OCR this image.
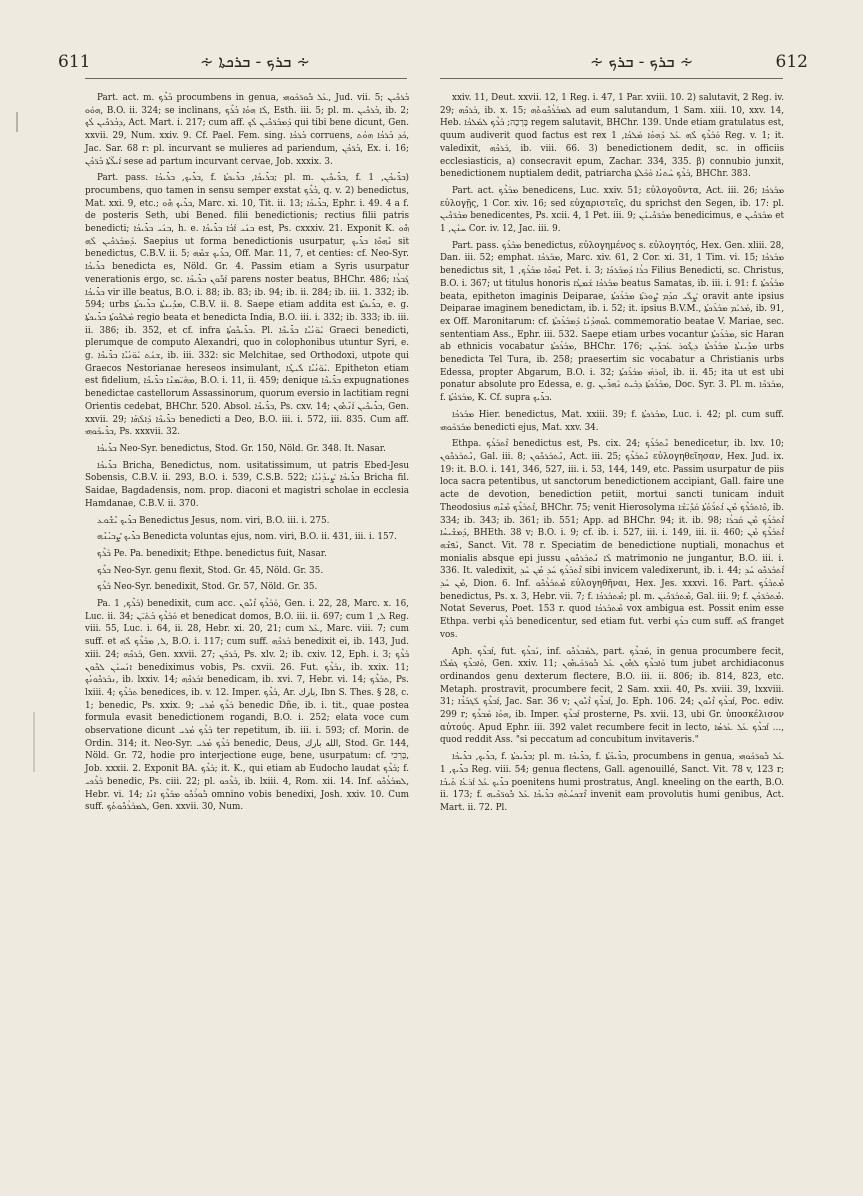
611	∻ ܒܪܟ - ܒܪܟܬܐ ∻	∻ ܒܪܟ - ܒܪܟ ∻	612

Part. act. m. ܒܳܪܶܟ procumbens in genua, ܥܰܠ ܒܽܘܪ̈ܟܰܘܗܝ, Jud. vii. 5; ܒܳܪܟܺܝܢ ܗܘܰܘ, B.O. ii. 324; se inclinans, ܠܳܐ ܗܘܳܐ ܒܳܪܶܟ, Esth. iii. 5; pl. m. ܒܳܪܟܺܝܢ, ib. 2; ܕܒܳܪܟܺܝܢ ܠܳܟ, Act. Mart. i. 217; cum aff. ܕܰܡܒܰܪ̈ܟܺܝܢ ܠܳܟ qui tibi bene dicunt, Gen. xxvii. 29, Num. xxiv. 9. Cf. Pael. Fem. sing. ܒܳܪܟܳܐ corruens, ܟܰܕ ܒܳܪܟܳܐ ܗܘܳܬ, Jac. Sar. 68 r: pl. incurvant se mulieres ad pariendum, ܒܳܪ̈ܟܳܢ, Ex. i. 16; ܐܰܝܠ̈ܳܬܳܐ ܒܳܪ̈ܟܳܢ sese ad partum incurvant cervae, Job. xxxix. 3.

Part. pass. ܒܪܺܝܟ, ܒܪܺܝܟܳܐ, f. ܒܪܺܝܟܳܐ, ܒܪܺܝܟܬܳܐ; pl. m. ܒܪ̈ܺܝܟܺܝܢ, f. ܒܪ̈ܺܝܟܳܢ, 1) procumbens, quo tamen in sensu semper exstat ܒܳܪܶܟ, q. v. 2) benedictus, Mat. xxi. 9, etc.; ܒܪܺܝܟ ܗܽܘ, Marc. xi. 10, Tit. ii. 13; ܒܪܺܝܟܳܐ, Ephr. i. 49. 4 a f. de posteris Seth, ubi Bened. filii benedictionis; rectius filii patris benedicti; ܒܢܰܝ ܒܪܺܝܟܳܐ, h. e. ܒܢܰܝ ܐܰܒܳܐ ܒܪܺܝܟܳܐ est, Ps. cxxxiv. 21. Exponit K. ܗܽܘ ܕܰܡܒܰܪܟܺܝܢ ܠܶܗ. Saepius ut forma benedictionis usurpatur, ܢܶܗܘܶܐ ܒܪܺܝܟ sit benedictus, C.B.V. ii. 5; ܒܪܺܝܟ ܫܡܶܗ, Off. Mar. 11, 7, et centies: cf. Neo-Syr. ܒܪܺܝܟܳܐ benedicta es, Nöld. Gr. 4. Passim etiam a Syris usurpatur venerationis ergo, sc. ܐܰܒܽܘܢ ܒܪܺܝܟܳܐ parens noster beatus, BHChr. 486; ܓܰܒܪܳܐ ܒܪܺܝܟܳܐ vir ille beatus, B.O. i. 88; ib. 83; ib. 94; ib. ii. 284; ib. iii. 1. 332; ib. 594; urbs ܡܕܺܝܢܬܳܐ ܒܪܺܝܟܬܳܐ, C.B.V. ii. 8. Saepe etiam addita est ܒܪܺܝܟܬܳܐ, e. g. ܡܰܠܟܽܘܬܳܐ ܒܪܺܝܟܬܳܐ regio beata et benedicta India, B.O. iii. i. 332; ib. 333; ib. iii. ii. 386; ib. 352, et cf. infra ܒܪܺܝܟܽܘܬܳܐ. Pl. ܝܰܘ̈ܢܳܝܶܐ ܒܪ̈ܺܝܟܶܐ Graeci benedicti, plerumque de computo Alexandri, quo in colophonibus utuntur Syri, e. g. ܫܢܰܬ ܝܰܘ̈ܢܳܝܶܐ ܒܪ̈ܺܝܟܶܐ, ib. iii. 332: sic Melchitae, sed Orthodoxi, utpote qui Graecos Nestorianae hereseos insimulant, ܝܰܘ̈ܢܳܝܶܐ ܠܺܝܛܶܐ. Epitheton etiam est fidelium, ܡܗܰܝ̈ܡܢܶܐ ܒܪ̈ܺܝܟܶܐ, B.O. i. 11, ii. 459; denique ܒܪ̈ܺܝܟܶܐ expugnationes benedictae castellorum Assassinorum, quorum eversio in lactitiam regni Orientis cedebat, BHChr. 520. Absol. ܒܪ̈ܺܝܟܶܐ, Ps. cxv. 14; ܒܪܺܝܟܺܝܢ ܐܰܢ̄ܬܽܘܢ, Gen. xxvii. 29; ܒܪ̈ܺܝܟܶܐ ܕܰܐܠܳܗܳܐ benedicti a Deo, B.O. iii. i. 572, iii. 835. Cum aff. ܒܪ̈ܺܝܟܰܘܗܝ, Ps. xxxvii. 32.

ܒܪܺܝܟܳܐ Neo-Syr. benedictus, Stod. Gr. 150, Nöld. Gr. 348. It. Nasar.

ܒܪܺܝܟܳܐ Bricha, Benedictus, nom. usitatissimum, ut patris Ebed-Jesu Sobensis, C.B.V. ii. 293, B.O. i. 539, C.S.B. 522; ܒܪܺܝܟܳܐ ܨܰܝܕܳܢܳܝܳܐ Bricha fil. Saidae, Bagdadensis, nom. prop. diaconi et magistri scholae in ecclesia Hamdanae, C.B.V. ii. 370.

ܒܪܺܝܟ ܝܶܫܽܘܥ Benedictus Jesus, nom. viri, B.O. iii. i. 275.

ܒܪܺܝܟ ܨܶܒܝܳܢܶܗ Benedicta voluntas ejus, nom. viri, B.O. ii. 431, iii. i. 157.

ܒܰܪܶܟ Pe. Pa. benedixit; Ethpe. benedictus fuit, Nasar.

ܒܪܶܟ Neo-Syr. genu flexit, Stod. Gr. 45, Nöld. Gr. 35.

ܒܰܪܶܟ Neo-Syr. benedixit, Stod. Gr. 57, Nöld. Gr. 35.

Pa. ܒܰܪܶܟ, 1) benedixit, cum acc. ܘܰܒܰܪܶܟ ܐܶܢܽܘܢ, Gen. i. 22, 28, Marc. x. 16, Luc. ii. 34; ܘܰܒܰܪܶܟ ܒܳܬܰܝ̈ܢ et benedicat domos, B.O. iii. ii. 697; cum ܠ, 1 Reg. viii. 55, Luc. i. 64, ii. 28, Hebr. xi. 20, 21; cum ܥܰܠ, Marc. viii. 7; cum suff. et ܠ, ܡܒܰܪܶܟ ܠܶܗ, B.O. i. 117; cum suff. ܒܰܪܟܶܗ benedixit ei, ib. 143, Jud. xiii. 24; ܒܰܪܟܶܗ, Gen. xxvii. 27; ܒܰܪܟܰܢ, Ps. xlv. 2; ib. cxiv. 12, Eph. i. 3; ܒܰܪܶܟ ܐܢܰܚܢܰܢ ܠܟܽܘܢ benediximus vobis, Ps. cxvii. 26. Fut. ܢܒܰܪܶܟ, ib. xxix. 11; ܢܒܰܪܟܽܘܢܳܟ, ib. lxxiv. 14; ܐܒܰܪܟܶܗ benedicam, ib. xvi. 7, Hebr. vi. 14; ܬܒܰܪܶܟ, Ps. lxiii. 4; ܬܒܰܪܶܟ benedices, ib. v. 12. Imper. ܒܰܪܶܟ, Ar. بارك, Ibn S. Thes. § 28, c. 1; benedic, Ps. xxix. 9; ܒܰܪܶܟ ܡܳܪܝ benedic Dñe, ib. i. tit., quae postea formula evasit benedictionem rogandi, B.O. i. 252; elata voce cum observatione dicunt ܒܰܪܶܟ ܡܳܪܝ ter repetitum, ib. iii. i. 593; cf. Morin. de Ordin. 314; it. Neo-Syr. ܒܰܪܶܟ ܡܳܪܝ benedic, Deus, الله بارك, Stod. Gr. 144, Nöld. Gr. 72, hodie pro interjectione euge, bene, usurpatum: cf. בָּרְכִי, Job. xxxii. 2. Exponit BA. ܒܰܪܶܟ; it. K., qui etiam ab Eudocho laudat ܒܰܪܶܟ; f. ܒܰܪܶܟܝ benedic, Ps. ciii. 22; pl. ܒܰܪܶܟܘ, ib. lxiii. 4, Rom. xii. 14. Inf. ܠܡܒܰܪܳܟܽܘ, Hebr. vi. 14; ܒܽܘܪܳܟܽܘ ܡܒܰܪܶܟ ܐܢܳܐ omnino vobis benedixi, Josh. xxiv. 10. Cum suff. ܠܡܒܰܪܳܟܽܘܬܳܟ, Gen. xxvii. 30, Num.

xxiv. 11, Deut. xxvii. 12, 1 Reg. i. 47, 1 Par. xviii. 10. 2) salutavit, 2 Reg. iv. 29; ܒܰܪܟܶܗ, ib. x. 15; ܠܡܒܰܪܳܟܽܘܬܶܗ ad eum salutandum, 1 Sam. xiii. 10, xxv. 14, Heb. בָּרְכָה; ܒܰܪܶܟ ܠܡܰܠܟܳܐ regem salutavit, BHChr. 139. Unde etiam gratulatus est, quum audiverit quod factus est rex ܘܰܒܰܪܶܟ ܠܶܗ ܥܰܠ ܕܰܗܘܳܐ ܡܰܠܟܳܐ, 1 Reg. v. 1; it. valedixit, ܒܰܪܟܶܗ, ib. viii. 66. 3) benedictionem dedit, sc. in officiis ecclesiasticis, a) consecravit epum, Zachar. 334, 335. β) connubio junxit, benedictionem nuptialem dedit, patriarcha ܒܰܪܶܟ ܚܰܬܢܳܐ ܘܰܟܰܠܬܳܐ, BHChr. 383.

Part. act. ܡܒܰܪܶܟ benedicens, Luc. xxiv. 51; εὐλογοῦντα, Act. iii. 26; ܡܒܰܪܟܳܐ εὐλογῇς, 1 Cor. xiv. 16; sed εὐχαριστεῖς, du sprichst den Segen, ib. 17: pl. ܡܒܰܪ̈ܟܺܝܢ benedicentes, Ps. xcii. 4, 1 Pet. iii. 9; ܡܒܰܪ̈ܟܺܝܢܰܢ benedicimus, e ܡܒܰܪ̈ܟܺܝܢ et ܚܢܰܢ, 1 Cor. iv. 12, Jac. iii. 9.

Part. pass. ܡܒܰܪܰܟ benedictus, εὐλογημένος s. εὐλογητός, Hex. Gen. xliii. 28, Dan. iii. 52; emphat. ܡܒܰܪܟܳܐ, Marc. xiv. 61, 2 Cor. xi. 31, 1 Tim. vi. 15; ܡܒܰܪܟܳܐ benedictus sit, ܢܶܗܘܶܐ ܡܒܰܪܰܟ, 1 Pet. i. 3; ܒܪܳܐ ܕܰܡܒܰܪܟܳܐ Filius Benedicti, sc. Christus, B.O. i. 367; ut titulus honoris ܡܒܰܪܟܳܐ ܫܰܡܛܳܐ beatus Samatas, ib. iii. i. 91: f. ܡܒܰܪܰܟܬܳܐ beata, epitheton imaginis Deiparae, ܨܰܠܺܝ ܩܕܳܡ ܨܽܘܪܬܳܐ ܡܒܰܪܰܟܬܳܐ oravit ante ipsius Deiparae imaginem benedictam, ib. i. 52; it. ipsius B.V.M., ܡܰܪܝܰܡ ܡܒܰܪܰܟܬܳܐ, ib. 91, ex Off. Maronitarum: cf. ܥܽܘܗܕܳܢܳܐ ܕܰܡܒܰܪܰܟܬܳܐ commemoratio beatae V. Mariae, sec. sententiam Ass., Ephr. iii. 532. Saepe etiam urbes vocantur ܡܒܰܪܰܟܬܳܐ, sic Haran ab ethnicis vocabatur ܡܒܰܪܰܟܬܳܐ, BHChr. 176; ܡܕܺܝܢܬܳܐ ܡܒܰܪܰܟܬܳܐ ܕܛܽܘܪ ܥܰܒܕܺܝܢ urbs benedicta Tel Tura, ib. 258; praesertim sic vocabatur a Christianis urbs Edessa, propter Abgarum, B.O. i. 32; ܐܽܘܪܗܳܝ ܡܒܰܪܰܟܬܳܐ, ib. ii. 45; ita ut est ubi ponatur absolute pro Edessa, e. g. ܡܒܰܪܰܟܬܳܐ ܕܒܰܝܬ ܢܰܗܪ̈ܺܝܢ, Doc. Syr. 3. Pl. m. ܡܒܰܪ̈ܟܶܐ, f. ܡܒܰܪ̈ܟܳܬܳܐ, K. Cf. supra ܒܪܺܝܟ.

ܡܒܰܪܟܳܐ Hier. benedictus, Mat. xxiii. 39; f. ܡܒܰܪܟܬܳܐ, Luc. i. 42; pl. cum suff. ܡܒܰܪ̈ܟܰܘܗܝ benedicti ejus, Mat. xxv. 34.

Ethpa. ܐܶܬܒܰܪܰܟ benedictus est, Ps. cix. 24; ܢܶܬܒܰܪܰܟ benedicetur, ib. lxv. 10; ܢܶܬܒܰܪܟܽܘܢ, Gal. iii. 8; ܢܶܬܒܰܪܟܽܘܢ, Act. iii. 25; ܢܶܬܒܰܪܶܟ εὐλογηθεῖησαν, Hex. Jud. ix. 19: it. B.O. i. 141, 346, 527, iii. i. 53, 144, 149, etc. Passim usurpatur de piis loca sacra petentibus, ut sanctorum benedictionem accipiant, Gall. faire une acte de devotion, benediction petiit, mortui sancti tunicam induit Theodosius ܐܶܬܒܰܪܶܟ ܡܶܢܶܗ, BHChr. 75; venit Hierosolyma ܘܶܐܬܒܰܪܶܟ ܡܶܢ ܐܰܬܪ̈ܰܘܳܬܳܐ ܩܰܕܺܝ̈ܫܶܐ, ib. 334; ib. 343; ib. 361; ib. 551; App. ad BHChr. 94; it. ib. 98; ܐܶܬܒܰܪܰܟ ܡܶܢ ܩܰܒܪܳܐ ܕܰܡܫܺܝܚܳܐ, BHEth. 38 v; B.O. i. 9; cf. ib. i. 527, iii. i. 149, iii. ii. 460; ܐܶܬܒܰܪܶܟ ܡܶܢ ܢܰܦܫܶܗ, Sanct. Vit. 78 r. Speciatim de benedictione nuptiali, monachus et monialis absque epi jussu ܠܳܐ ܢܶܬܒܰܪܟܽܘܢ matrimonio ne jungantur, B.O. iii. i. 336. It. valedixit, ܐܶܬܒܰܪܰܟ ܚܰܕ ܡܶܢ ܚܰܕ sibi invicem valedixerunt, ib. i. 44; ܐܶܬܒܰܪܟܽܘ ܚܰܕ ܡܶܢ ܚܰܕ, Dion. 6. Inf. ܡܶܬܒܰܪܳܟܽܘ εὐλογηθῆναι, Hex. Jes. xxxvi. 16. Part. ܡܶܬܒܰܪܰܟ benedictus, Ps. x. 3, Hebr. vii. 7; f. ܡܶܬܒܰܪܟܳܐ; pl. m. ܡܶܬܒܰܪ̈ܟܺܝܢ, Gal. iii. 9; f. ܡܶܬܒܰܪ̈ܟܳܢ. Notat Severus, Poet. 153 r. quod ܡܶܬܒܰܪܟܳܐ vox ambigua est. Possit enim esse Ethpa. verbi ܒܰܪܶܟ benedicentur, sed etiam fut. verbi ܒܪܰܟ cum suff. ܠܶܗ franget vos.

Aph. ܐܰܒܪܶܟ, fut. ܢܰܒܪܶܟ, inf. ܠܡܰܒܪܳܟܽܘ, part. ܡܰܒܪܶܟ, in genua procumbere fecit, ܘܰܐܒܪܶܟ ܓܡܰܠܶܐ, Gen. xxiv. 11; ܘܰܐܒܪܶܟ ܠܗܽܘܢ ܥܰܠ ܒܽܘܪ̈ܟܰܝܗܽܘܢ tum jubet archidiaconus ordinandos genu dexterum flectere, B.O. iii. ii. 806; ib. 814, 823, etc. Metaph. prostravit, procumbere fecit, 2 Sam. xxii. 40, Ps. xviii. 39, lxxviii. 31; ܐܰܒܪܶܟ ܠܰܓܒܰܪ̈ܶܐ, Jac. Sar. 36 v; ܐܰܒܪܶܟ ܐܶܢܽܘܢ, Jo. Eph. 106. 24; ܐܰܒܪܶܟ ܐܶܢܽܘܢ, Poc. ediv. 299 r; ܗܘܳܐ ܡܰܒܪܶܟ, ib. Imper. ܐܰܒܪܶܟ prosterne, Ps. xvii. 13, ubi Gr. ὑποσκέλισον αὐτούς. Apud Ephr. iii. 392 valet recumbere fecit in lecto, ܐܰܒܪܶܟ ܥܰܠ ܥܰܪܣܳܐ ..., quod reddit Ass. "si peccatum ad concubitum invitaveris."

ܒܪܺܝܟ, ܒܪܺܝܟܳܐ, f. ܒܪܺܝܟܬܳܐ; pl. m. ܒܪ̈ܺܝܟܶܐ, f. ܒܪ̈ܺܝܟܳܬܳܐ, procumbens in genua, ܥܰܠ ܒܽܘܪ̈ܟܰܘܗܝ ܒܪܺܝܟ, 1 Reg. viii. 54; genua flectens, Gall. agenouillé, Sanct. Vit. 78 v, 123 r; ܒܪܺܝܟ ܥܰܠ ܐܰܪܥܳܐ ܬܳܝܒܳܐ poenitens humi prostratus, Angl. kneeling on the earth, B.O. ii. 173; f. ܐܶܫܟܚܳܬܳܗ ܒܪܺܝܟܳܐ ܥܰܠ ܒܽܘܪ̈ܟܶܝܗ invenit eam provolutis humi genibus, Act. Mart. ii. 72. Pl.
